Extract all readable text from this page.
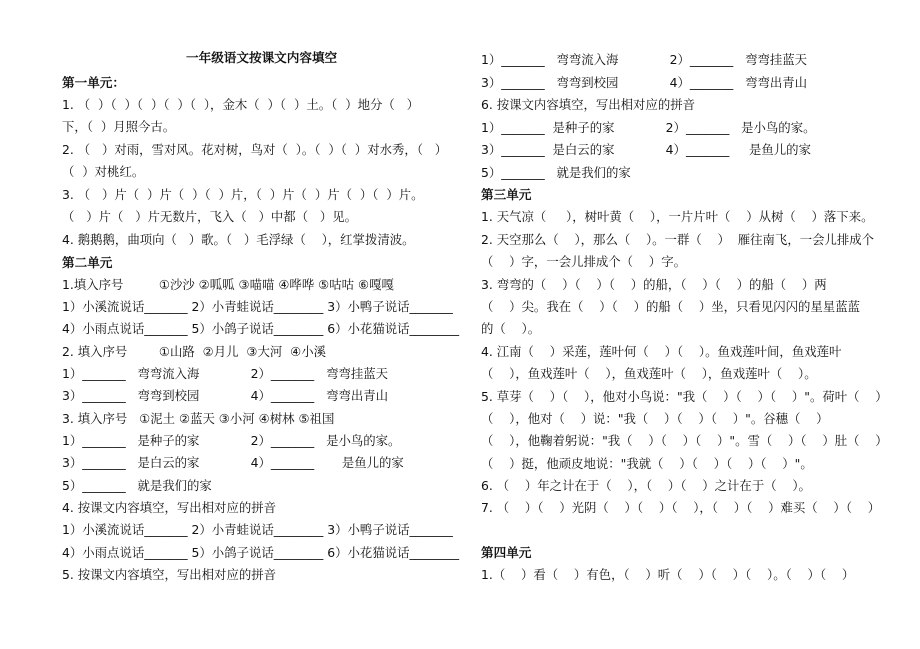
一年级语文按课文内容填空
第一单元：
1. （  ）（  ）（  ）（  ）（  ），金木（  ）（  ）土。（  ）地分（   ）
下，（  ）月照今古。
2. （   ）对雨，雪对风。花对树，鸟对（  ）。（  ）（  ）对水秀，（   ）
（  ）对桃红。
3. （   ）片（  ）片（  ）（  ）片，（  ）片（  ）片（  ）（  ）片。
（   ）片（   ）片无数片，飞入（   ）中都（   ）见。
4. 鹅鹅鹅，曲项向（   ）歌。（   ）毛浮绿（    ），红掌拨清波。
第二单元
1.填入序号         ①沙沙 ②呱呱 ③喵喵 ④哗哗 ⑤咕咕 ⑥嘎嘎
1）小溪流说话_______ 2）小青蛙说话________ 3）小鸭子说话_______
4）小雨点说话_______ 5）小鸽子说话________ 6）小花猫说话________
2. 填入序号        ①山路  ②月儿  ③大河  ④小溪
1）_______   弯弯流入海             2）_______   弯弯挂蓝天
3）_______   弯弯到校园             4）_______   弯弯出青山
3. 填入序号   ①泥土 ②蓝天 ③小河 ④树林 ⑤祖国
1）_______   是种子的家             2）_______   是小鸟的家。
3）_______   是白云的家             4）_______       是鱼儿的家
5）_______   就是我们的家
4. 按课文内容填空，写出相对应的拼音
1）小溪流说话_______ 2）小青蛙说话________ 3）小鸭子说话_______
4）小雨点说话_______ 5）小鸽子说话________ 6）小花猫说话________
5. 按课文内容填空，写出相对应的拼音
1）_______   弯弯流入海             2）_______   弯弯挂蓝天
3）_______   弯弯到校园             4）_______   弯弯出青山
6. 按课文内容填空，写出相对应的拼音
1）_______  是种子的家             2）_______   是小鸟的家。
3）_______  是白云的家             4）_______     是鱼儿的家
5）_______   就是我们的家
第三单元
1. 天气凉（     ），树叶黄（    ），一片片叶（    ）从树（    ）落下来。
2. 天空那么（    ），那么（    ）。一群（    ）  雁往南飞，一会儿排成个
（    ）字，一会儿排成个（    ）字。
3. 弯弯的（    ）（    ）（    ）的船，（    ）（    ）的船（    ）两
（    ）尖。我在（    ）（    ）的船（    ）坐，只看见闪闪的星星蓝蓝
的（    ）。
4. 江南（    ）采莲，莲叶何（    ）（    ）。鱼戏莲叶间，鱼戏莲叶
（    ），鱼戏莲叶（    ），鱼戏莲叶（    ），鱼戏莲叶（    ）。
5. 草芽（    ）（    ），他对小鸟说："我（    ）（    ）（    ）"。荷叶（    ）
（    ），他对（    ）说："我（    ）（    ）（    ）"。谷穗（    ）
（    ），他鞠着躬说："我（    ）（    ）（    ）"。雪（    ）（    ）肚（    ）
（    ）挺，他顽皮地说："我就（    ）（    ）（    ）（    ）"。
6. （    ）年之计在于（    ），（    ）（    ）之计在于（    ）。
7. （    ）（    ）光阴（    ）（    ）（    ），（    ）（    ）难买（    ）（    ）
第四单元
1.（    ）看（    ）有色，（    ）听（    ）（    ）（    ）。（    ）（    ）
